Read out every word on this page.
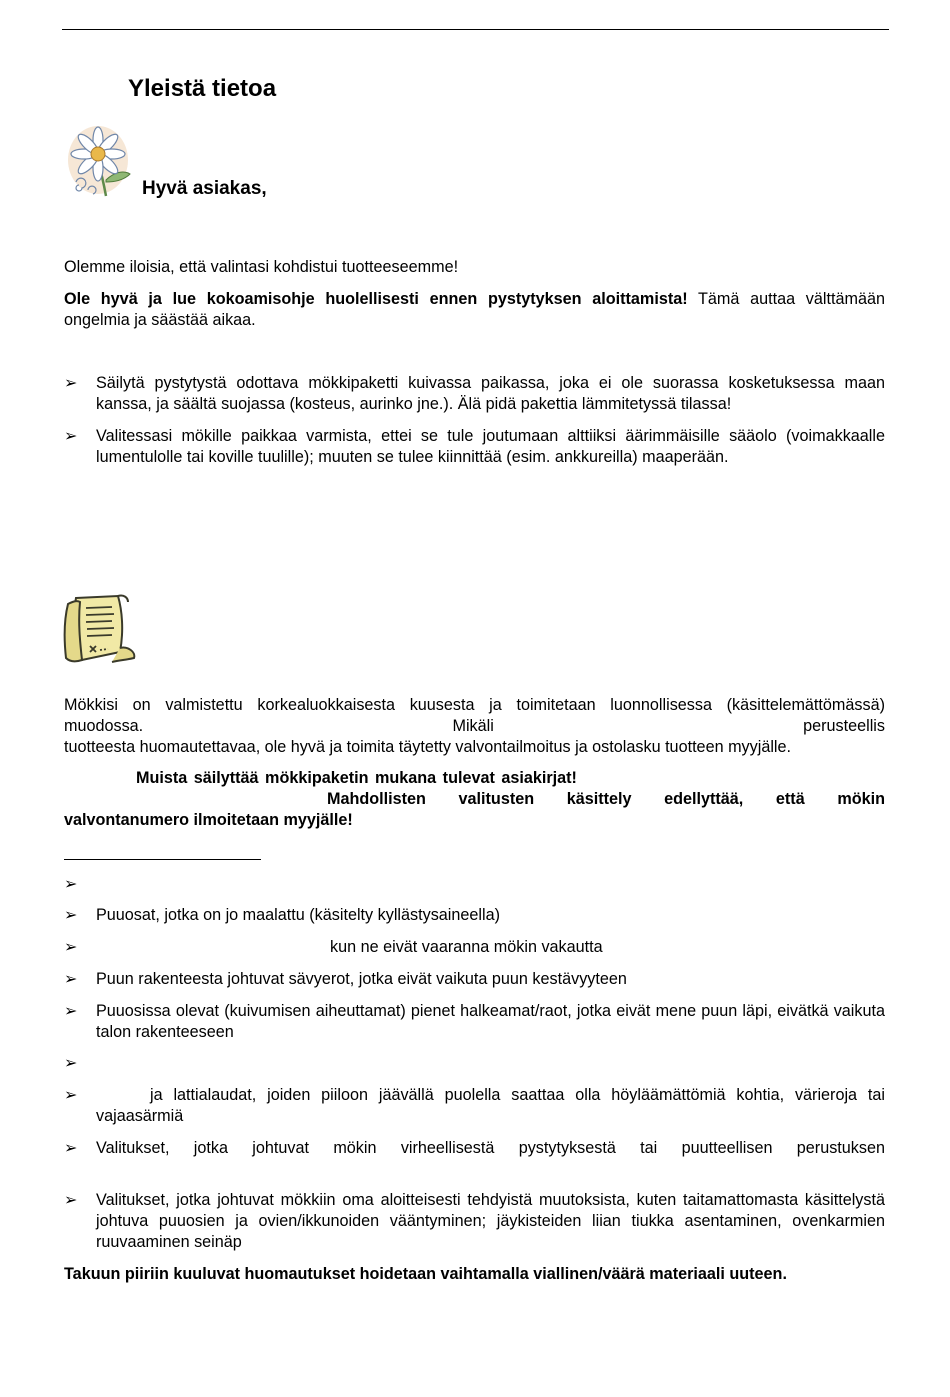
Yleistä tietoa
Hyvä asiakas,
Olemme iloisia, että valintasi kohdistui tuotteeseemme!
Ole hyvä ja lue kokoamisohje huolellisesti ennen pystytyksen aloittamista! Tämä auttaa välttämään ongelmia ja säästää aikaa.
➢	Säilytä pystytystä odottava mökkipaketti kuivassa paikassa, joka ei ole suorassa kosketuksessa maan kanssa, ja säältä suojassa (kosteus, aurinko jne.). Älä pidä pakettia lämmitetyssä tilassa!
➢	Valitessasi mökille paikkaa varmista, ettei se tule joutumaan alttiiksi äärimmäisille sääolo (voimakkaalle lumentulolle tai koville tuulille); muuten se tulee kiinnittää (esim. ankkureilla) maaperään.
Mökkisi on valmistettu korkealuokkaisesta kuusesta ja toimitetaan luonnollisessa (käsittelemättömässä) muodossa. Mikäli perusteellis
tuotteesta huomautettavaa, ole hyvä ja toimita täytetty valvontailmoitus ja ostolasku tuotteen myyjälle.
Muista säilyttää mökkipaketin mukana tulevat asiakirjat!
Mahdollisten valitusten käsittely edellyttää, että mökin
valvontanumero ilmoitetaan myyjälle!
➢
➢	Puuosat, jotka on jo maalattu (käsitelty kyllästysaineella)
➢	kun ne eivät vaaranna mökin vakautta
➢	Puun rakenteesta johtuvat sävyerot, jotka eivät vaikuta puun kestävyyteen
➢	Puuosissa olevat (kuivumisen aiheuttamat) pienet halkeamat/raot, jotka eivät mene puun läpi, eivätkä vaikuta talon rakenteeseen
➢
➢	ja lattialaudat, joiden piiloon jäävällä puolella saattaa olla höyläämättömiä kohtia, värieroja tai vajaasärmiä
➢	Valitukset, jotka johtuvat mökin virheellisestä pystytyksestä tai puutteellisen perustuksen
➢	Valitukset, jotka johtuvat mökkiin oma aloitteisesti tehdyistä muutoksista, kuten taitamattomasta käsittelystä johtuva puuosien ja ovien/ikkunoiden vääntyminen; jäykisteiden liian tiukka asentaminen, ovenkarmien ruuvaaminen seinäp
Takuun piiriin kuuluvat huomautukset hoidetaan vaihtamalla viallinen/väärä materiaali uuteen.
